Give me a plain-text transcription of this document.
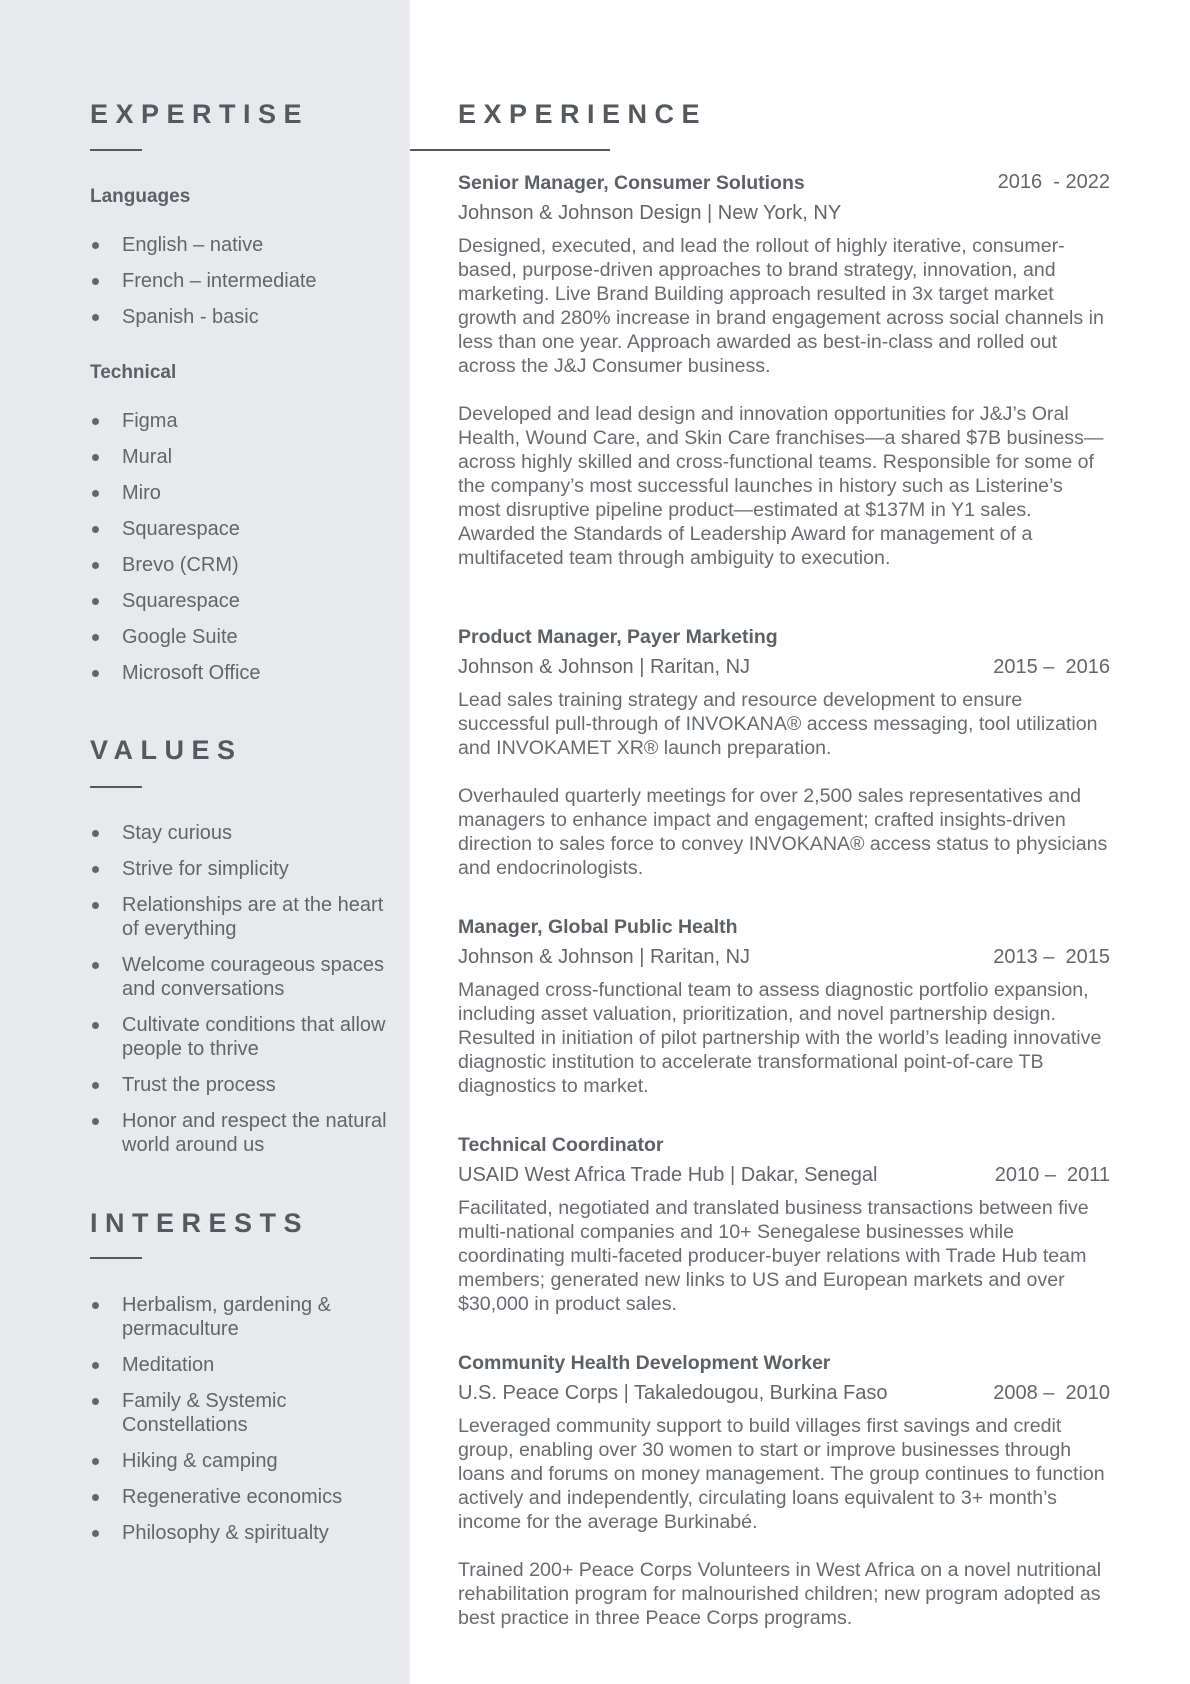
EXPERTISE
Languages
English – native
French – intermediate
Spanish - basic
Technical
Figma
Mural
Miro
Squarespace
Brevo (CRM)
Squarespace
Google Suite
Microsoft Office
VALUES
Stay curious
Strive for simplicity
Relationships are at the heart of everything
Welcome courageous spaces and conversations
Cultivate conditions that allow people to thrive
Trust the process
Honor and respect the natural world around us
INTERESTS
Herbalism, gardening & permaculture
Meditation
Family & Systemic Constellations
Hiking & camping
Regenerative economics
Philosophy & spiritualty
EXPERIENCE
Senior Manager, Consumer Solutions	2016  - 2022
Johnson & Johnson Design | New York, NY

Designed, executed, and lead the rollout of highly iterative, consumer-based, purpose-driven approaches to brand strategy, innovation, and marketing. Live Brand Building approach resulted in 3x target market growth and 280% increase in brand engagement across social channels in less than one year. Approach awarded as best-in-class and rolled out across the J&J Consumer business.

Developed and lead design and innovation opportunities for J&J’s Oral Health, Wound Care, and Skin Care franchises—a shared $7B business—across highly skilled and cross-functional teams. Responsible for some of the company’s most successful launches in history such as Listerine’s most disruptive pipeline product—estimated at $137M in Y1 sales. Awarded the Standards of Leadership Award for management of a multifaceted team through ambiguity to execution.

Product Manager, Payer Marketing
Johnson & Johnson | Raritan, NJ	2015 –  2016

Lead sales training strategy and resource development to ensure successful pull-through of INVOKANA® access messaging, tool utilization and INVOKAMET XR® launch preparation.

Overhauled quarterly meetings for over 2,500 sales representatives and managers to enhance impact and engagement; crafted insights-driven direction to sales force to convey INVOKANA® access status to physicians and endocrinologists.

Manager, Global Public Health
Johnson & Johnson | Raritan, NJ	2013 –  2015

Managed cross-functional team to assess diagnostic portfolio expansion, including asset valuation, prioritization, and novel partnership design. Resulted in initiation of pilot partnership with the world’s leading innovative diagnostic institution to accelerate transformational point-of-care TB diagnostics to market.

Technical Coordinator
USAID West Africa Trade Hub | Dakar, Senegal	2010 –  2011

Facilitated, negotiated and translated business transactions between five multi-national companies and 10+ Senegalese businesses while coordinating multi-faceted producer-buyer relations with Trade Hub team members; generated new links to US and European markets and over $30,000 in product sales.

Community Health Development Worker
U.S. Peace Corps | Takaledougou, Burkina Faso	2008 –  2010

Leveraged community support to build villages first savings and credit group, enabling over 30 women to start or improve businesses through loans and forums on money management. The group continues to function actively and independently, circulating loans equivalent to 3+ month’s income for the average Burkinabé.

Trained 200+ Peace Corps Volunteers in West Africa on a novel nutritional rehabilitation program for malnourished children; new program adopted as best practice in three Peace Corps programs.
